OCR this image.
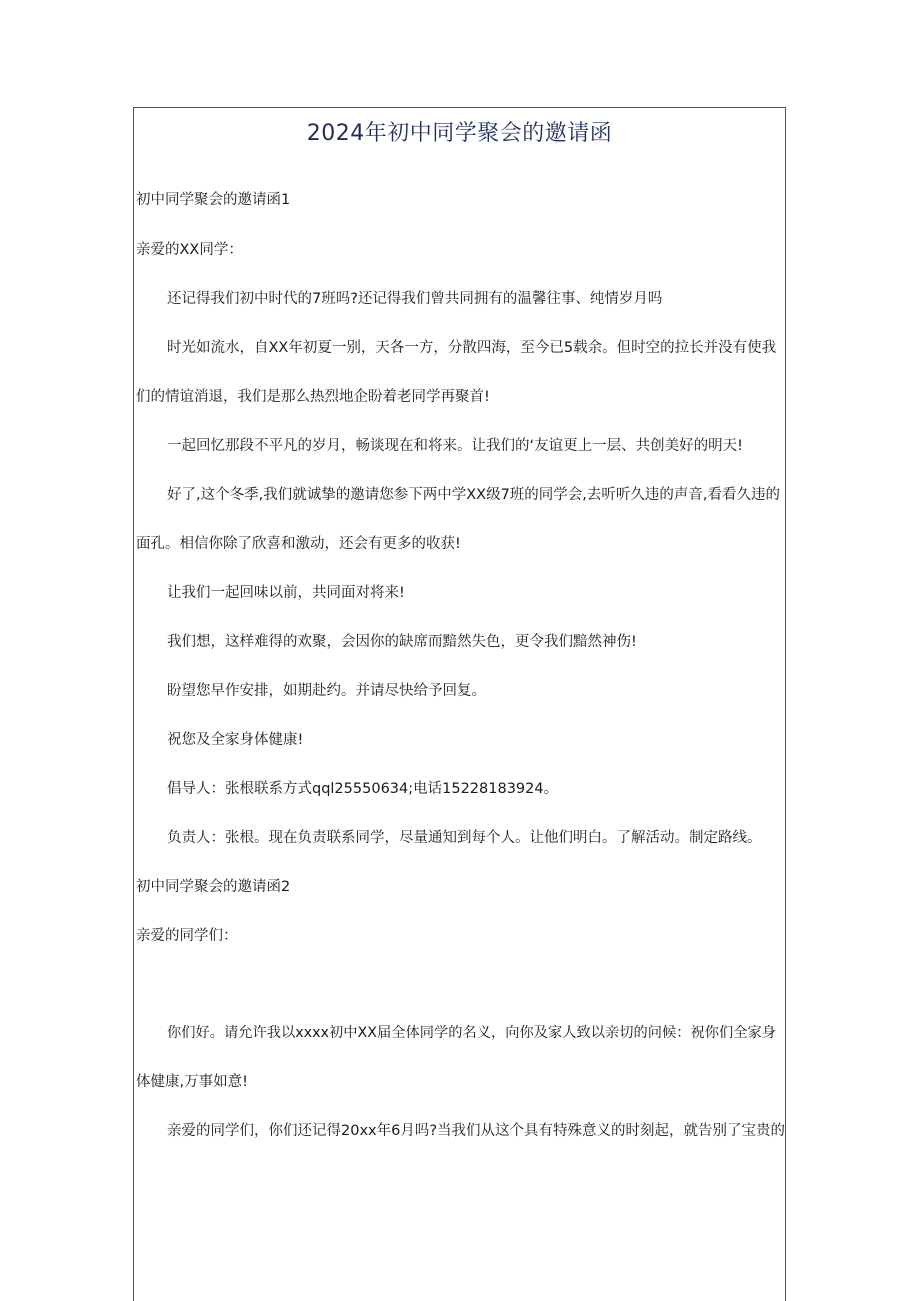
2024年初中同学聚会的邀请函

初中同学聚会的邀请函1

亲爱的XX同学：

还记得我们初中时代的7班吗?还记得我们曾共同拥有的温馨往事、纯情岁月吗

时光如流水，自XX年初夏一别，天各一方，分散四海，至今已5载余。但时空的拉长并没有使我

们的情谊消退，我们是那么热烈地企盼着老同学再聚首!

一起回忆那段不平凡的岁月，畅谈现在和将来。让我们的‘友谊更上一层、共创美好的明天!

好了,这个冬季,我们就诚挚的邀请您参下两中学XX级7班的同学会,去听听久违的声音,看看久违的

面孔。相信你除了欣喜和激动，还会有更多的收获!

让我们一起回味以前，共同面对将来!

我们想，这样难得的欢聚，会因你的缺席而黯然失色，更令我们黯然神伤!

盼望您早作安排，如期赴约。并请尽快给予回复。

祝您及全家身体健康!

倡导人：张根联系方式qql25550634;电话15228183924。

负责人：张根。现在负责联系同学，尽量通知到每个人。让他们明白。了解活动。制定路线。

初中同学聚会的邀请函2

亲爱的同学们：

你们好。请允许我以xxxx初中XX届全体同学的名义，向你及家人致以亲切的问候：祝你们全家身

体健康,万事如意!

亲爱的同学们，你们还记得20xx年6月吗?当我们从这个具有特殊意义的时刻起，就告别了宝贵的
